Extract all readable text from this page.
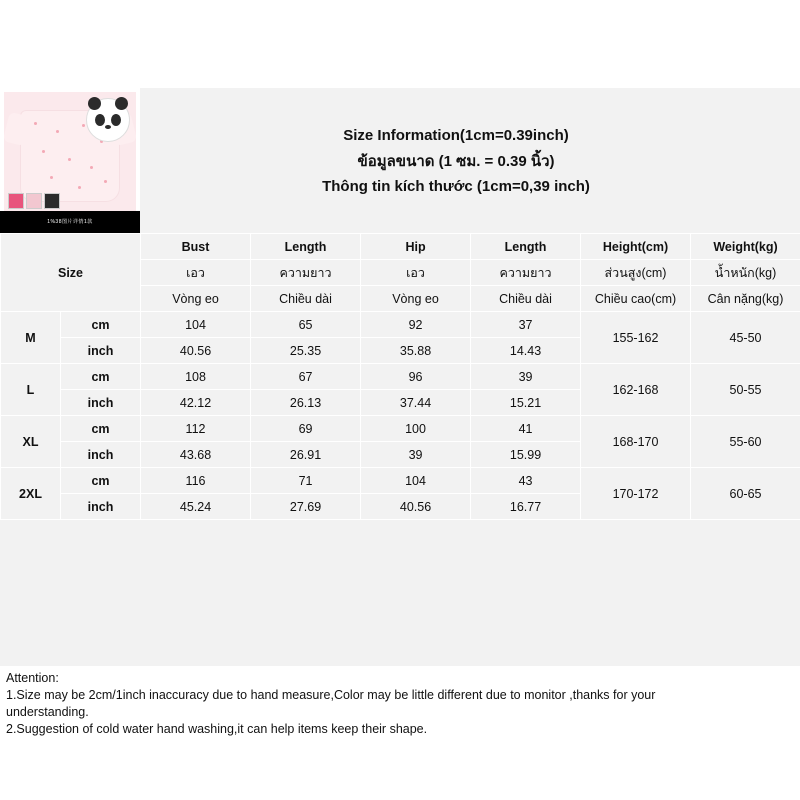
1%38图片详情1款
Size Information(1cm=0.39inch)
ข้อมูลขนาด (1 ซม. = 0.39 นิ้ว)
Thông tin kích thước (1cm=0,39 inch)
Size		Bust	Length	Hip	Length	Height(cm)	Weight(kg)
		เอว	ความยาว	เอว	ความยาว	ส่วนสูง(cm)	น้ำหนัก(kg)
		Vòng eo	Chiều dài	Vòng eo	Chiều dài	Chiều cao(cm)	Cân nặng(kg)
M	cm	104	65	92	37	155-162	45-50
	inch	40.56	25.35	35.88	14.43		
L	cm	108	67	96	39	162-168	50-55
	inch	42.12	26.13	37.44	15.21		
XL	cm	112	69	100	41	168-170	55-60
	inch	43.68	26.91	39	15.99		
2XL	cm	116	71	104	43	170-172	60-65
	inch	45.24	27.69	40.56	16.77		
Attention:
1.Size may be 2cm/1inch inaccuracy due to hand measure,Color may be little different due to monitor ,thanks for your
understanding.
2.Suggestion of cold water hand washing,it can help items keep their shape.
